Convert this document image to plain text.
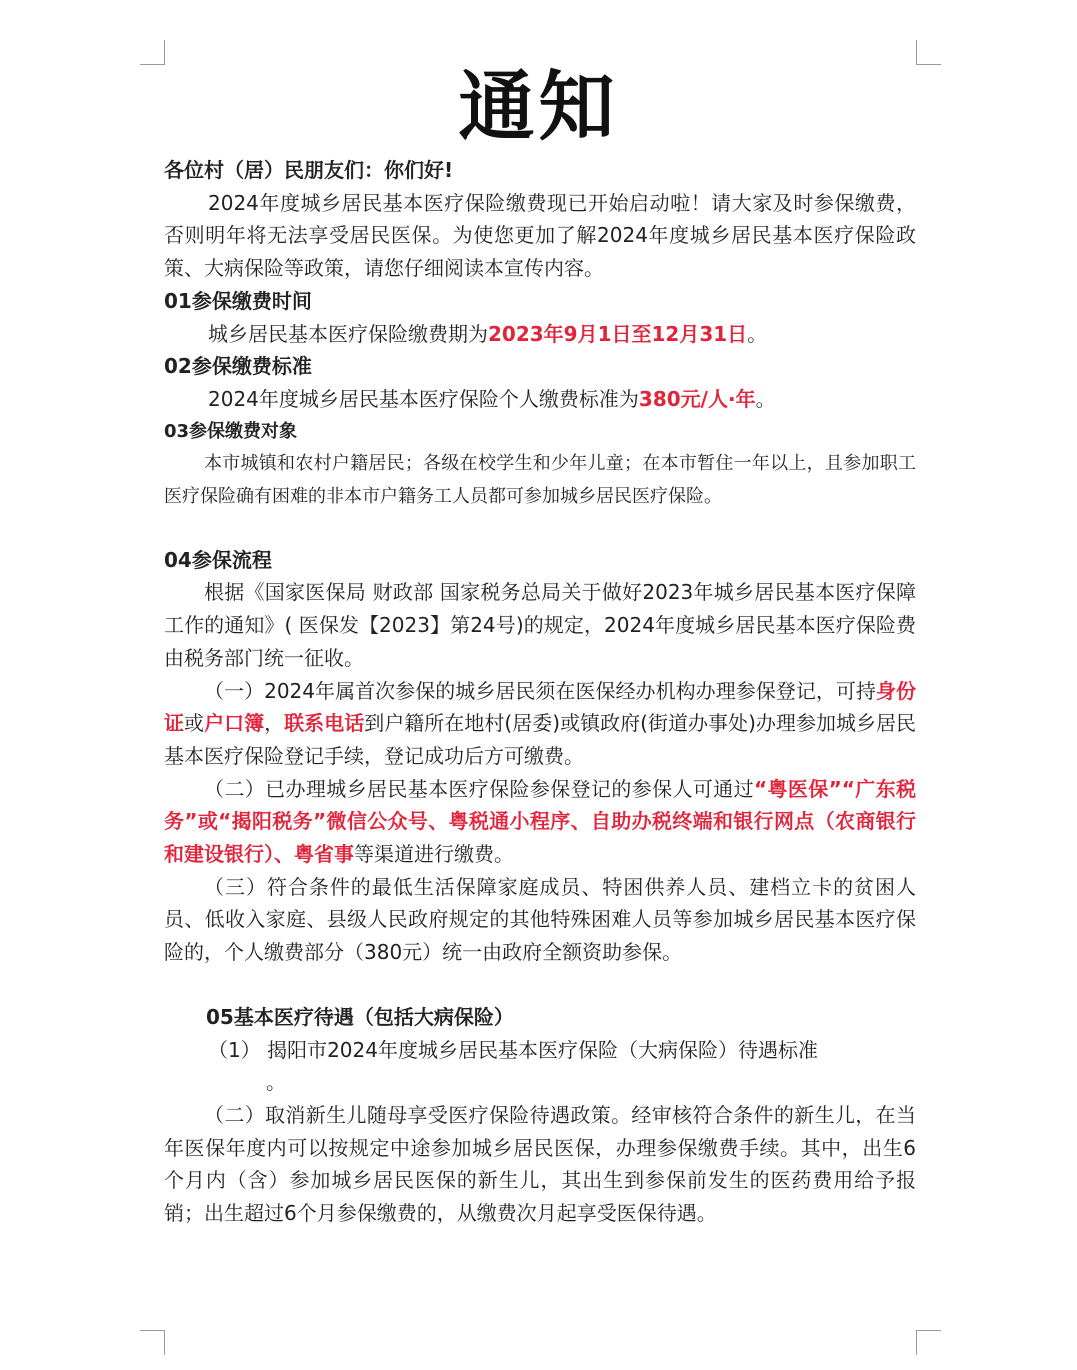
通知

各位村（居）民朋友们：你们好!

2024年度城乡居民基本医疗保险缴费现已开始启动啦！请大家及时参保缴费，否则明年将无法享受居民医保。为使您更加了解2024年度城乡居民基本医疗保险政策、大病保险等政策，请您仔细阅读本宣传内容。

01参保缴费时间

城乡居民基本医疗保险缴费期为2023年9月1日至12月31日。

02参保缴费标准

2024年度城乡居民基本医疗保险个人缴费标准为380元/人·年。

03参保缴费对象

本市城镇和农村户籍居民；各级在校学生和少年儿童；在本市暂住一年以上，且参加职工医疗保险确有困难的非本市户籍务工人员都可参加城乡居民医疗保险。

04参保流程

根据《国家医保局 财政部 国家税务总局关于做好2023年城乡居民基本医疗保障工作的通知》( 医保发【2023】第24号)的规定，2024年度城乡居民基本医疗保险费由税务部门统一征收。

（一）2024年属首次参保的城乡居民须在医保经办机构办理参保登记，可持身份证或户口簿，联系电话到户籍所在地村(居委)或镇政府(街道办事处)办理参加城乡居民基本医疗保险登记手续，登记成功后方可缴费。

（二）已办理城乡居民基本医疗保险参保登记的参保人可通过“粤医保”“广东税务”或“揭阳税务”微信公众号、粤税通小程序、自助办税终端和银行网点（农商银行和建设银行）、粤省事等渠道进行缴费。

（三）符合条件的最低生活保障家庭成员、特困供养人员、建档立卡的贫困人员、低收入家庭、县级人民政府规定的其他特殊困难人员等参加城乡居民基本医疗保险的，个人缴费部分（380元）统一由政府全额资助参保。

05基本医疗待遇（包括大病保险）

（1） 揭阳市2024年度城乡居民基本医疗保险（大病保险）待遇标准

。

（二）取消新生儿随母享受医疗保险待遇政策。经审核符合条件的新生儿，在当年医保年度内可以按规定中途参加城乡居民医保，办理参保缴费手续。其中，出生6个月内（含）参加城乡居民医保的新生儿，其出生到参保前发生的医药费用给予报销；出生超过6个月参保缴费的，从缴费次月起享受医保待遇。
